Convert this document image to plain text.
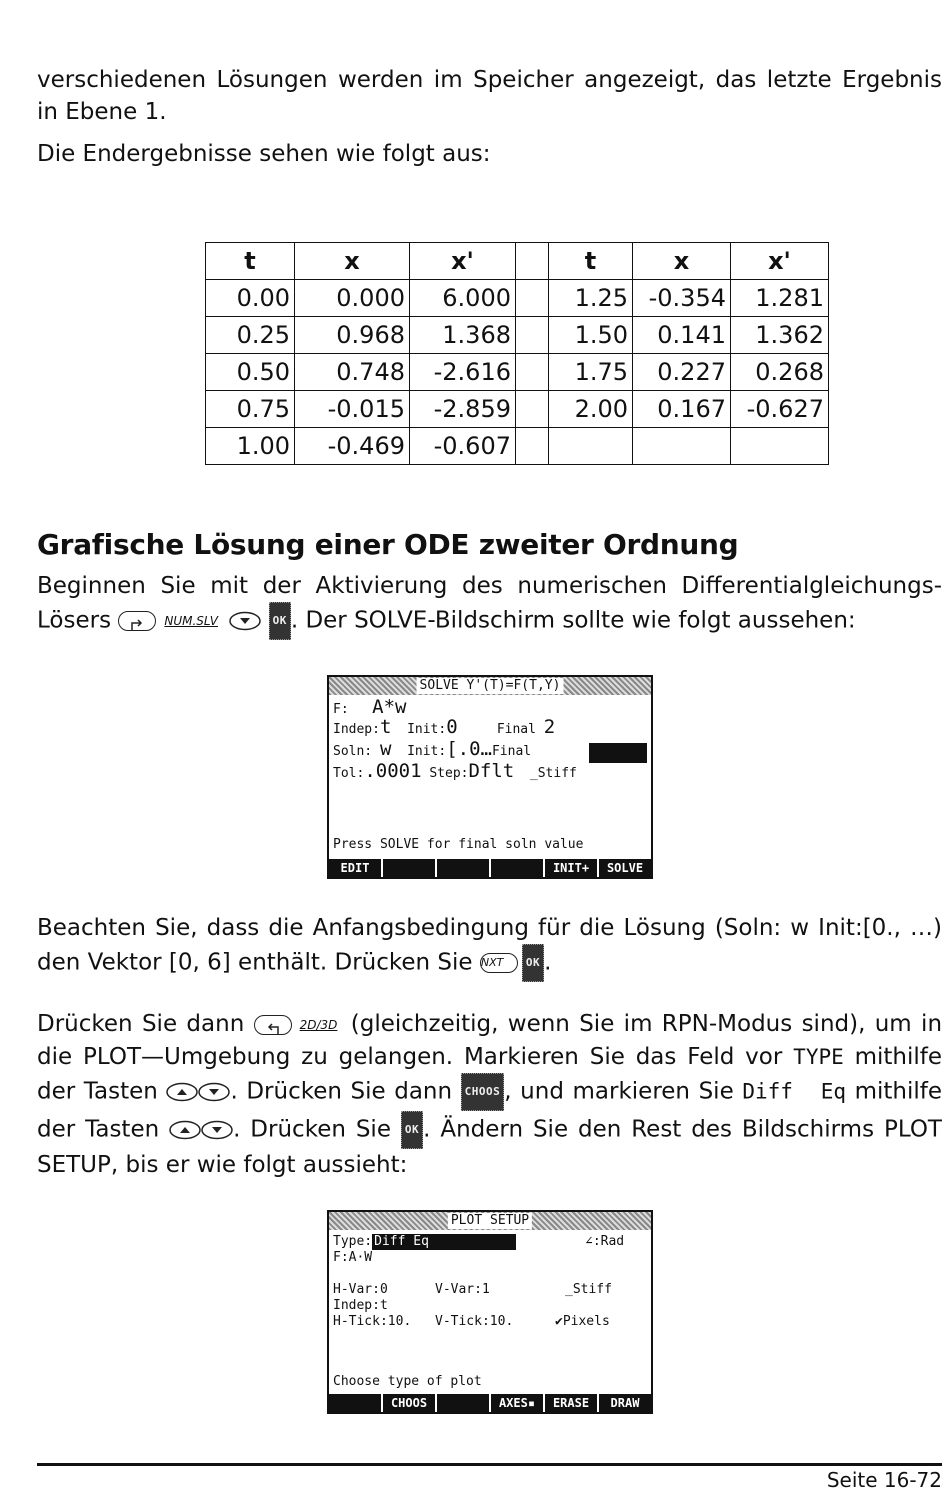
verschiedenen Lösungen werden im Speicher angezeigt, das letzte Ergebnis in Ebene 1.

Die Endergebnisse sehen wie folgt aus:

t	x	x'		t	x	x'
0.00	0.000	6.000		1.25	-0.354	1.281
0.25	0.968	1.368		1.50	0.141	1.362
0.50	0.748	-2.616		1.75	0.227	0.268
0.75	-0.015	-2.859		2.00	0.167	-0.627
1.00	-0.469	-0.607				
Grafische Lösung einer ODE zweiter Ordnung

Beginnen Sie mit der Aktivierung des numerischen Differentialgleichungs-Lösers	NUM.SLV	OK . Der SOLVE-Bildschirm sollte wie folgt aussehen:

SOLVE Y'(T)=F(T,Y)
F: A*w
Indep:t Init:0	Final 2
Soln: w Init:[.0…Final
Tol:.0001 Step:Dflt _Stiff
Press SOLVE for final soln value
EDIT	INIT+	SOLVE

Beachten Sie, dass die Anfangsbedingung für die Lösung (Soln: w Init:[0., …) den Vektor [0, 6] enthält. Drücken Sie NXT OK .

Drücken Sie dann	2D/3D (gleichzeitig, wenn Sie im RPN-Modus sind), um in die PLOT—Umgebung zu gelangen. Markieren Sie das Feld vor TYPE mithilfe der Tasten	. Drücken Sie dann CHOOS , und markieren Sie Diff  Eq mithilfe der Tasten	. Drücken Sie OK . Ändern Sie den Rest des Bildschirms PLOT SETUP, bis er wie folgt aussieht:

PLOT SETUP
Type: Diff Eq	∠:Rad
F:A·W
H-Var:0	V-Var:1	_Stiff
Indep:t
H-Tick:10. V-Tick:10.	✔Pixels
Choose type of plot
CHOOS	AXES▪	ERASE	DRAW
Seite 16-72
